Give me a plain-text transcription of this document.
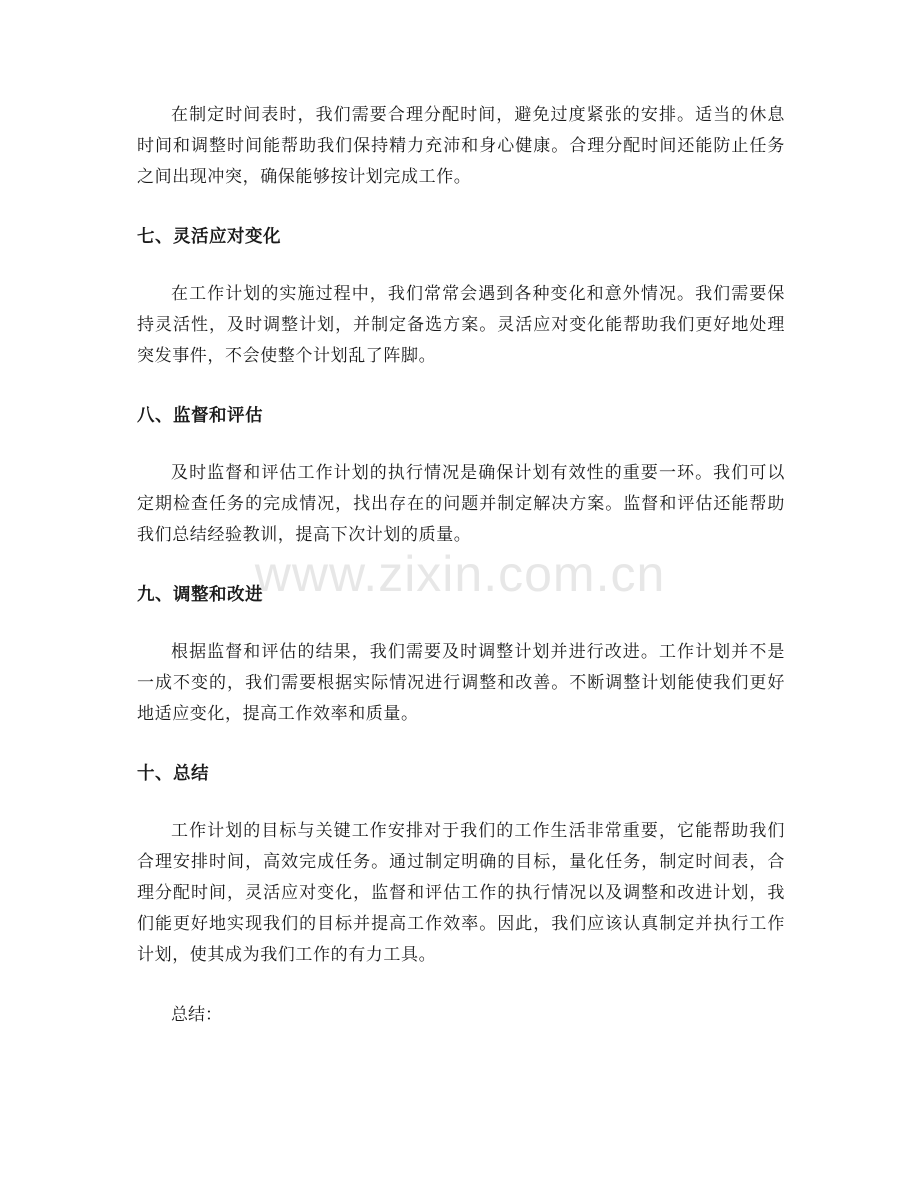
在制定时间表时，我们需要合理分配时间，避免过度紧张的安排。适当的休息时间和调整时间能帮助我们保持精力充沛和身心健康。合理分配时间还能防止任务之间出现冲突，确保能够按计划完成工作。

七、灵活应对变化

在工作计划的实施过程中，我们常常会遇到各种变化和意外情况。我们需要保持灵活性，及时调整计划，并制定备选方案。灵活应对变化能帮助我们更好地处理突发事件，不会使整个计划乱了阵脚。

八、监督和评估

及时监督和评估工作计划的执行情况是确保计划有效性的重要一环。我们可以定期检查任务的完成情况，找出存在的问题并制定解决方案。监督和评估还能帮助我们总结经验教训，提高下次计划的质量。

九、调整和改进

根据监督和评估的结果，我们需要及时调整计划并进行改进。工作计划并不是一成不变的，我们需要根据实际情况进行调整和改善。不断调整计划能使我们更好地适应变化，提高工作效率和质量。

十、总结

工作计划的目标与关键工作安排对于我们的工作生活非常重要，它能帮助我们合理安排时间，高效完成任务。通过制定明确的目标，量化任务，制定时间表，合理分配时间，灵活应对变化，监督和评估工作的执行情况以及调整和改进计划，我们能更好地实现我们的目标并提高工作效率。因此，我们应该认真制定并执行工作计划，使其成为我们工作的有力工具。

总结：

www.zixin.com.cn
